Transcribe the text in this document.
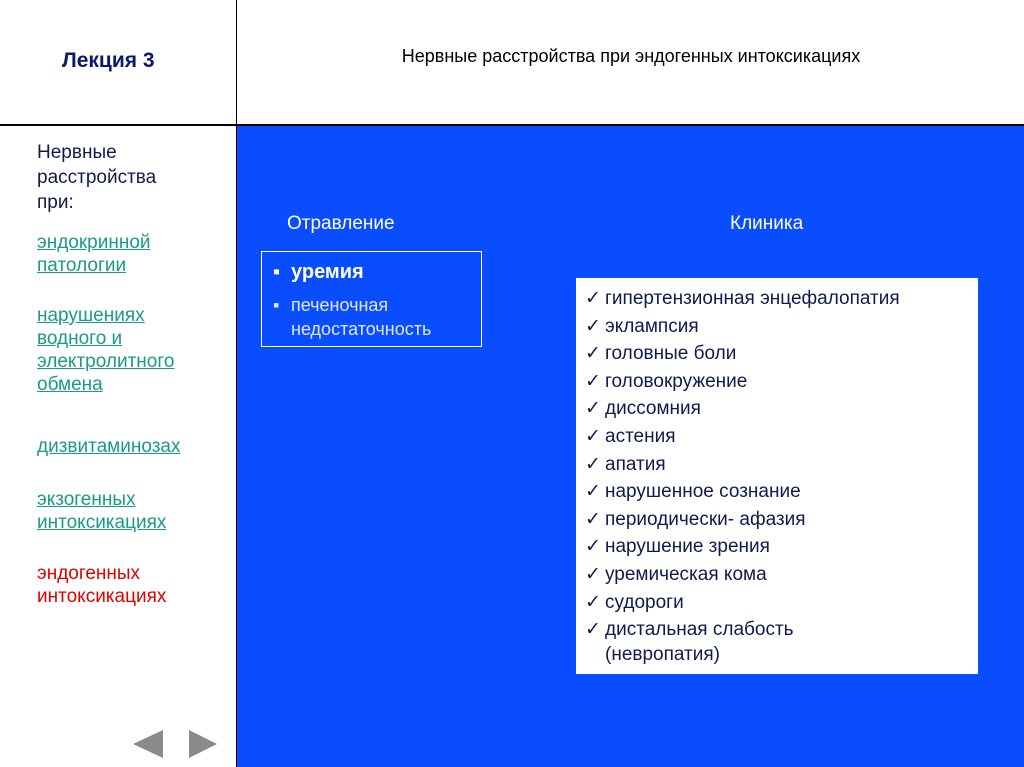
Лекция 3	Нервные расстройства при эндогенных интоксикациях
Нервные
расстройства
при:
эндокринной
патологии
нарушениях
водного и
электролитного
обмена
дизвитаминозах
экзогенных
интоксикациях
эндогенных
интоксикациях
Отравление	Клиника
▪ уремия
▪ печеночная
недостаточность
✓ гипертензионная энцефалопатия
✓ эклампсия
✓ головные боли
✓ головокружение
✓ диссомния
✓ астения
✓ апатия
✓ нарушенное сознание
✓ периодически- афазия
✓ нарушение зрения
✓ уремическая кома
✓ судороги
✓ дистальная слабость
(невропатия)
